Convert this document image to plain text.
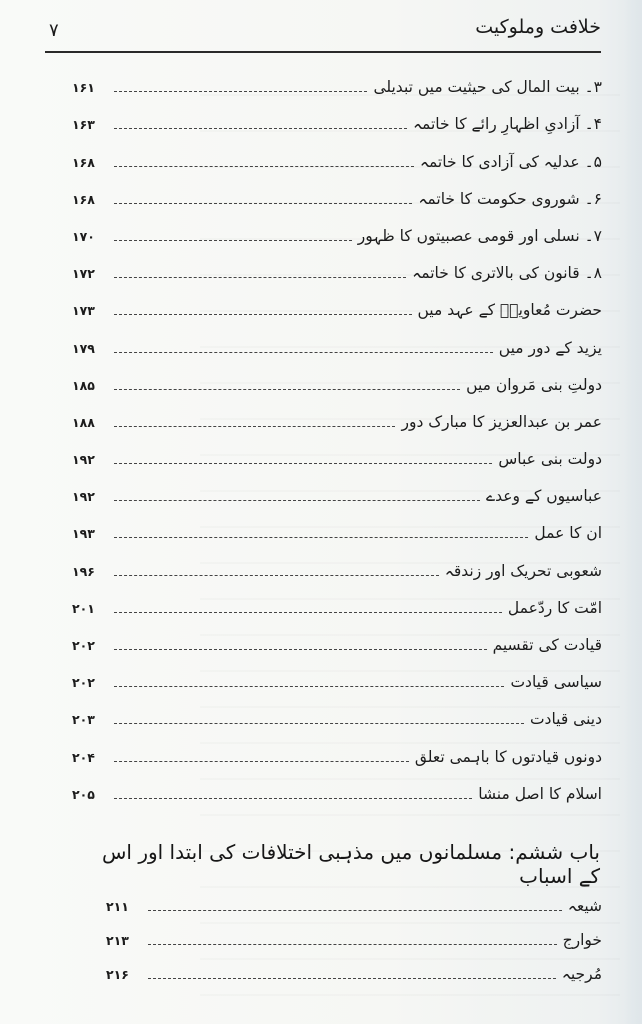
خلافت وملوکیت
۷
۳۔ بیت المال کی حیثیت میں تبدیلی
۱۶۱
۴۔ آزادیِ اظہارِ رائے کا خاتمہ
۱۶۳
۵۔ عدلیہ کی آزادی کا خاتمہ
۱۶۸
۶۔ شوروی حکومت کا خاتمہ
۱۶۸
۷۔ نسلی اور قومی عصبیتوں کا ظہور
۱۷۰
۸۔ قانون کی بالاتری کا خاتمہ
۱۷۲
حضرت مُعاویہؓ کے عہد میں
۱۷۳
یزید کے دور میں
۱۷۹
دولتِ بنی مَروان میں
۱۸۵
عمر بن عبدالعزیز کا مبارک دور
۱۸۸
دولت بنی عباس
۱۹۲
عباسیوں کے وعدے
۱۹۲
ان کا عمل
۱۹۳
شعوبی تحریک اور زندقہ
۱۹۶
امّت کا ردّعمل
۲۰۱
قیادت کی تقسیم
۲۰۲
سیاسی قیادت
۲۰۲
دینی قیادت
۲۰۳
دونوں قیادتوں کا باہمی تعلق
۲۰۴
اسلام کا اصل منشا
۲۰۵
باب ششم: مسلمانوں میں مذہبی اختلافات کی ابتدا اور اس کے اسباب
شیعہ
۲۱۱
خوارج
۲۱۳
مُرجیہ
۲۱۶
